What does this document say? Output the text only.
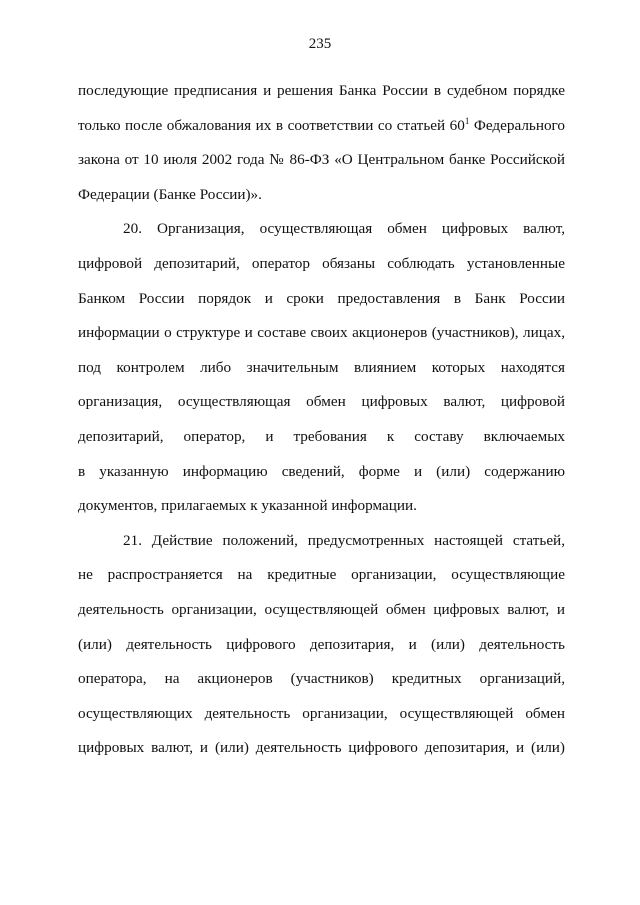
235
последующие предписания и решения Банка России в судебном порядке
только после обжалования их в соответствии со статьей $60^1$ Федерального
закона от 10 июля 2002 года № 86-ФЗ «О Центральном банке Российской
Федерации (Банке России)».
20. Организация, осуществляющая обмен цифровых валют,
цифровой депозитарий, оператор обязаны соблюдать установленные
Банком России порядок и сроки предоставления в Банк России
информации о структуре и составе своих акционеров (участников), лицах,
под контролем либо значительным влиянием которых находятся
организация, осуществляющая обмен цифровых валют, цифровой
депозитарий, оператор, и требования к составу включаемых
в указанную информацию сведений, форме и (или) содержанию
документов, прилагаемых к указанной информации.
21. Действие положений, предусмотренных настоящей статьей,
не распространяется на кредитные организации, осуществляющие
деятельность организации, осуществляющей обмен цифровых валют, и
(или) деятельность цифрового депозитария, и (или) деятельность
оператора, на акционеров (участников) кредитных организаций,
осуществляющих деятельность организации, осуществляющей обмен
цифровых валют, и (или) деятельность цифрового депозитария, и (или)
